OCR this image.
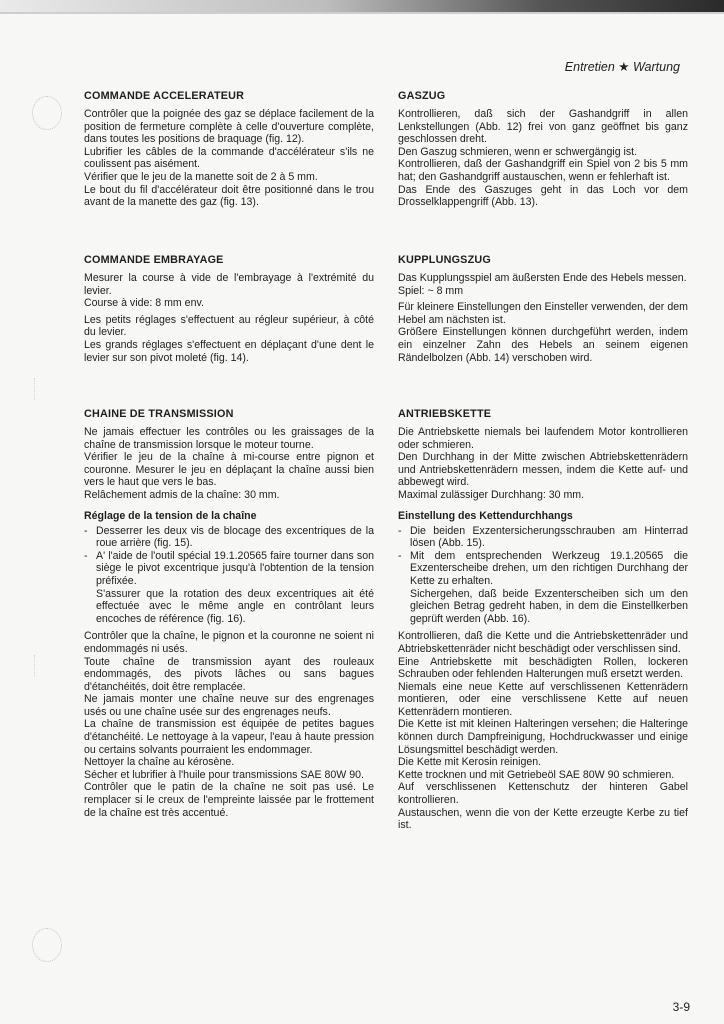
Entretien ★ Wartung
COMMANDE ACCELERATEUR

Contrôler que la poignée des gaz se déplace facilement de la position de fermeture complète à celle d'ouverture complète, dans toutes les positions de braquage (fig. 12).

Lubrifier les câbles de la commande d'accélérateur s'ils ne coulissent pas aisément.

Vérifier que le jeu de la manette soit de 2 à 5 mm.

Le bout du fil d'accélérateur doit être positionné dans le trou avant de la manette des gaz (fig. 13).

COMMANDE EMBRAYAGE

Mesurer la course à vide de l'embrayage à l'extrémité du levier.

Course à vide: 8 mm env.

Les petits réglages s'effectuent au régleur supérieur, à côté du levier.

Les grands réglages s'effectuent en déplaçant d'une dent le levier sur son pivot moleté (fig. 14).

CHAINE DE TRANSMISSION

Ne jamais effectuer les contrôles ou les graissages de la chaîne de transmission lorsque le moteur tourne.

Vérifier le jeu de la chaîne à mi-course entre pignon et couronne. Mesurer le jeu en déplaçant la chaîne aussi bien vers le haut que vers le bas.

Relâchement admis de la chaîne: 30 mm.

Réglage de la tension de la chaîne
- Desserrer les deux vis de blocage des excentriques de la roue arrière (fig. 15).
- A' l'aide de l'outil spécial 19.1.20565 faire tourner dans son siège le pivot excentrique jusqu'à l'obtention de la tension préfixée.
S'assurer que la rotation des deux excentriques ait été effectuée avec le même angle en contrôlant leurs encoches de référence (fig. 16).

Contrôler que la chaîne, le pignon et la couronne ne soient ni endommagés ni usés.

Toute chaîne de transmission ayant des rouleaux endommagés, des pivots lâches ou sans bagues d'étanchéités, doit être remplacée.

Ne jamais monter une chaîne neuve sur des engrenages usés ou une chaîne usée sur des engrenages neufs.

La chaîne de transmission est équipée de petites bagues d'étanchéité. Le nettoyage à la vapeur, l'eau à haute pression ou certains solvants pourraient les endommager.

Nettoyer la chaîne au kérosène.

Sécher et lubrifier à l'huile pour transmissions SAE 80W 90.

Contrôler que le patin de la chaîne ne soit pas usé. Le remplacer si le creux de l'empreinte laissée par le frottement de la chaîne est très accentué.

GASZUG

Kontrollieren, daß sich der Gashandgriff in allen Lenkstellungen (Abb. 12) frei von ganz geöffnet bis ganz geschlossen dreht.

Den Gaszug schmieren, wenn er schwergängig ist.

Kontrollieren, daß der Gashandgriff ein Spiel von 2 bis 5 mm hat; den Gashandgriff austauschen, wenn er fehlerhaft ist.

Das Ende des Gaszuges geht in das Loch vor dem Drosselklappengriff (Abb. 13).

KUPPLUNGSZUG

Das Kupplungsspiel am äußersten Ende des Hebels messen.

Spiel: ~ 8 mm

Für kleinere Einstellungen den Einsteller verwenden, der dem Hebel am nächsten ist.

Größere Einstellungen können durchgeführt werden, indem ein einzelner Zahn des Hebels an seinem eigenen Rändelbolzen (Abb. 14) verschoben wird.

ANTRIEBSKETTE

Die Antriebskette niemals bei laufendem Motor kontrollieren oder schmieren.

Den Durchhang in der Mitte zwischen Abtriebskettenrädern und Antriebskettenrädern messen, indem die Kette auf- und abbewegt wird.

Maximal zulässiger Durchhang: 30 mm.

Einstellung des Kettendurchhangs
- Die beiden Exzentersicherungsschrauben am Hinterrad lösen (Abb. 15).
- Mit dem entsprechenden Werkzeug 19.1.20565 die Exzenterscheibe drehen, um den richtigen Durchhang der Kette zu erhalten.
Sichergehen, daß beide Exzenterscheiben sich um den gleichen Betrag gedreht haben, in dem die Einstellkerben geprüft werden (Abb. 16).

Kontrollieren, daß die Kette und die Antriebskettenräder und Abtriebskettenräder nicht beschädigt oder verschlissen sind.

Eine Antriebskette mit beschädigten Rollen, lockeren Schrauben oder fehlenden Halterungen muß ersetzt werden.

Niemals eine neue Kette auf verschlissenen Kettenrädern montieren, oder eine verschlissene Kette auf neuen Kettenrädern montieren.

Die Kette ist mit kleinen Halteringen versehen; die Halteringe können durch Dampfreinigung, Hochdruckwasser und einige Lösungsmittel beschädigt werden.

Die Kette mit Kerosin reinigen.

Kette trocknen und mit Getriebeöl SAE 80W 90 schmieren.

Auf verschlissenen Kettenschutz der hinteren Gabel kontrollieren.

Austauschen, wenn die von der Kette erzeugte Kerbe zu tief ist.

3-9
